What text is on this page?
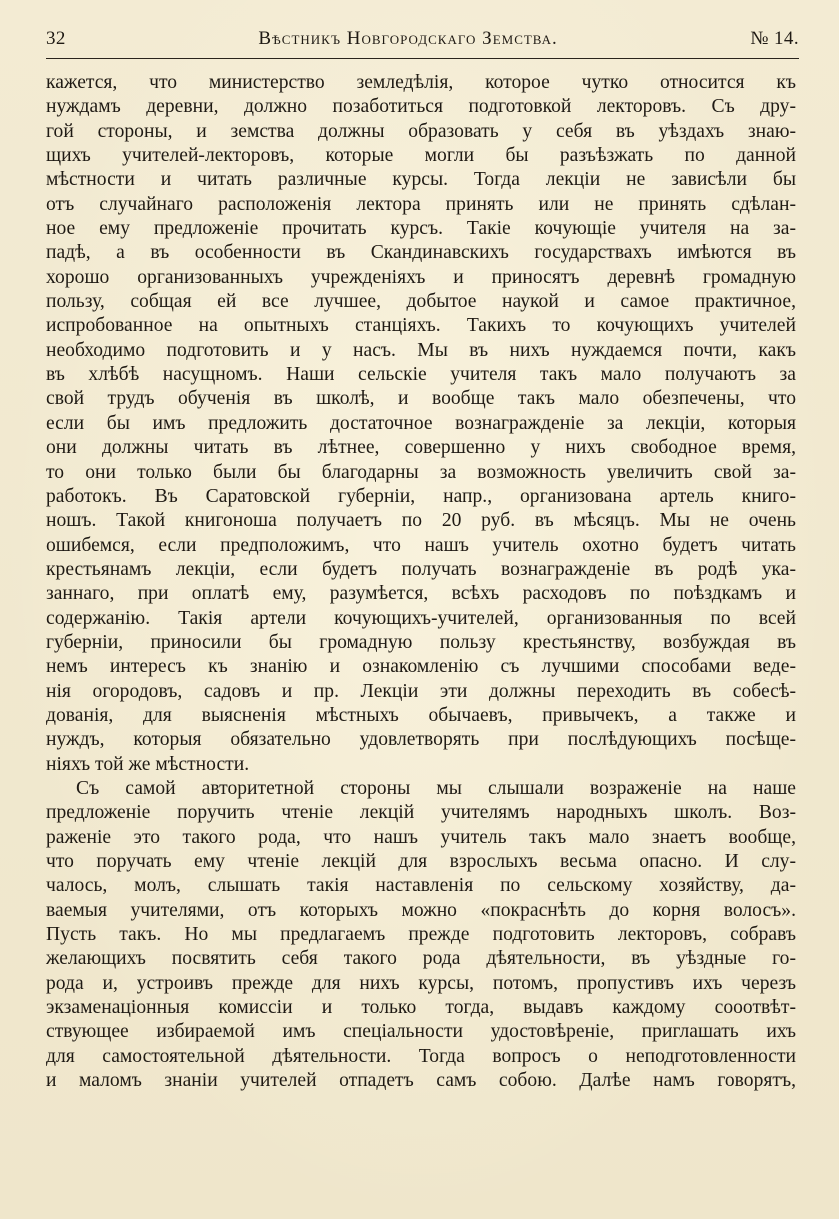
32	Вѣстникъ Новгородскаго Земства.	№ 14.
кажется, что министерство земледѣлія, которое чутко относится къ
нуждамъ деревни, должно позаботиться подготовкой лекторовъ. Съ дру-
гой стороны, и земства должны образовать у себя въ уѣздахъ знаю-
щихъ учителей-лекторовъ, которые могли бы разъѣзжать по данной
мѣстности и читать различные курсы. Тогда лекціи не зависѣли бы
отъ случайнаго расположенія лектора принять или не принять сдѣлан-
ное ему предложеніе прочитать курсъ. Такіе кочующіе учителя на за-
падѣ, а въ особенности въ Скандинавскихъ государствахъ имѣются въ
хорошо организованныхъ учрежденіяхъ и приносятъ деревнѣ громадную
пользу, собщая ей все лучшее, добытое наукой и самое практичное,
испробованное на опытныхъ станціяхъ. Такихъ то кочующихъ учителей
необходимо подготовить и у насъ. Мы въ нихъ нуждаемся почти, какъ
въ хлѣбѣ насущномъ. Наши сельскіе учителя такъ мало получаютъ за
свой трудъ обученія въ школѣ, и вообще такъ мало обезпечены, что
если бы имъ предложить достаточное вознагражденіе за лекціи, которыя
они должны читать въ лѣтнее, совершенно у нихъ свободное время,
то они только были бы благодарны за возможность увеличить свой за-
работокъ. Въ Саратовской губерніи, напр., организована артель книго-
ношъ. Такой книгоноша получаетъ по 20 руб. въ мѣсяцъ. Мы не очень
ошибемся, если предположимъ, что нашъ учитель охотно будетъ читать
крестьянамъ лекціи, если будетъ получать вознагражденіе въ родѣ ука-
заннаго, при оплатѣ ему, разумѣется, всѣхъ расходовъ по поѣздкамъ и
содержанію. Такія артели кочующихъ-учителей, организованныя по всей
губерніи, приносили бы громадную пользу крестьянству, возбуждая въ
немъ интересъ къ знанію и ознакомленію съ лучшими способами веде-
нія огородовъ, садовъ и пр. Лекціи эти должны переходить въ собесѣ-
дованія, для выясненія мѣстныхъ обычаевъ, привычекъ, а также и
нуждъ, которыя обязательно удовлетворять при послѣдующихъ посѣще-
ніяхъ той же мѣстности.
Съ самой авторитетной стороны мы слышали возраженіе на наше
предложеніе поручить чтеніе лекцій учителямъ народныхъ школъ. Воз-
раженіе это такого рода, что нашъ учитель такъ мало знаетъ вообще,
что поручать ему чтеніе лекцій для взрослыхъ весьма опасно. И слу-
чалось, молъ, слышать такія наставленія по сельскому хозяйству, да-
ваемыя учителями, отъ которыхъ можно «покраснѣть до корня волосъ».
Пусть такъ. Но мы предлагаемъ прежде подготовить лекторовъ, собравъ
желающихъ посвятить себя такого рода дѣятельности, въ уѣздные го-
рода и, устроивъ прежде для нихъ курсы, потомъ, пропустивъ ихъ черезъ
экзаменаціонныя комиссіи и только тогда, выдавъ каждому сооотвѣт-
ствующее избираемой имъ спеціальности удостовѣреніе, приглашать ихъ
для самостоятельной дѣятельности. Тогда вопросъ о неподготовленности
и маломъ знаніи учителей отпадетъ самъ собою. Далѣе намъ говорятъ,
